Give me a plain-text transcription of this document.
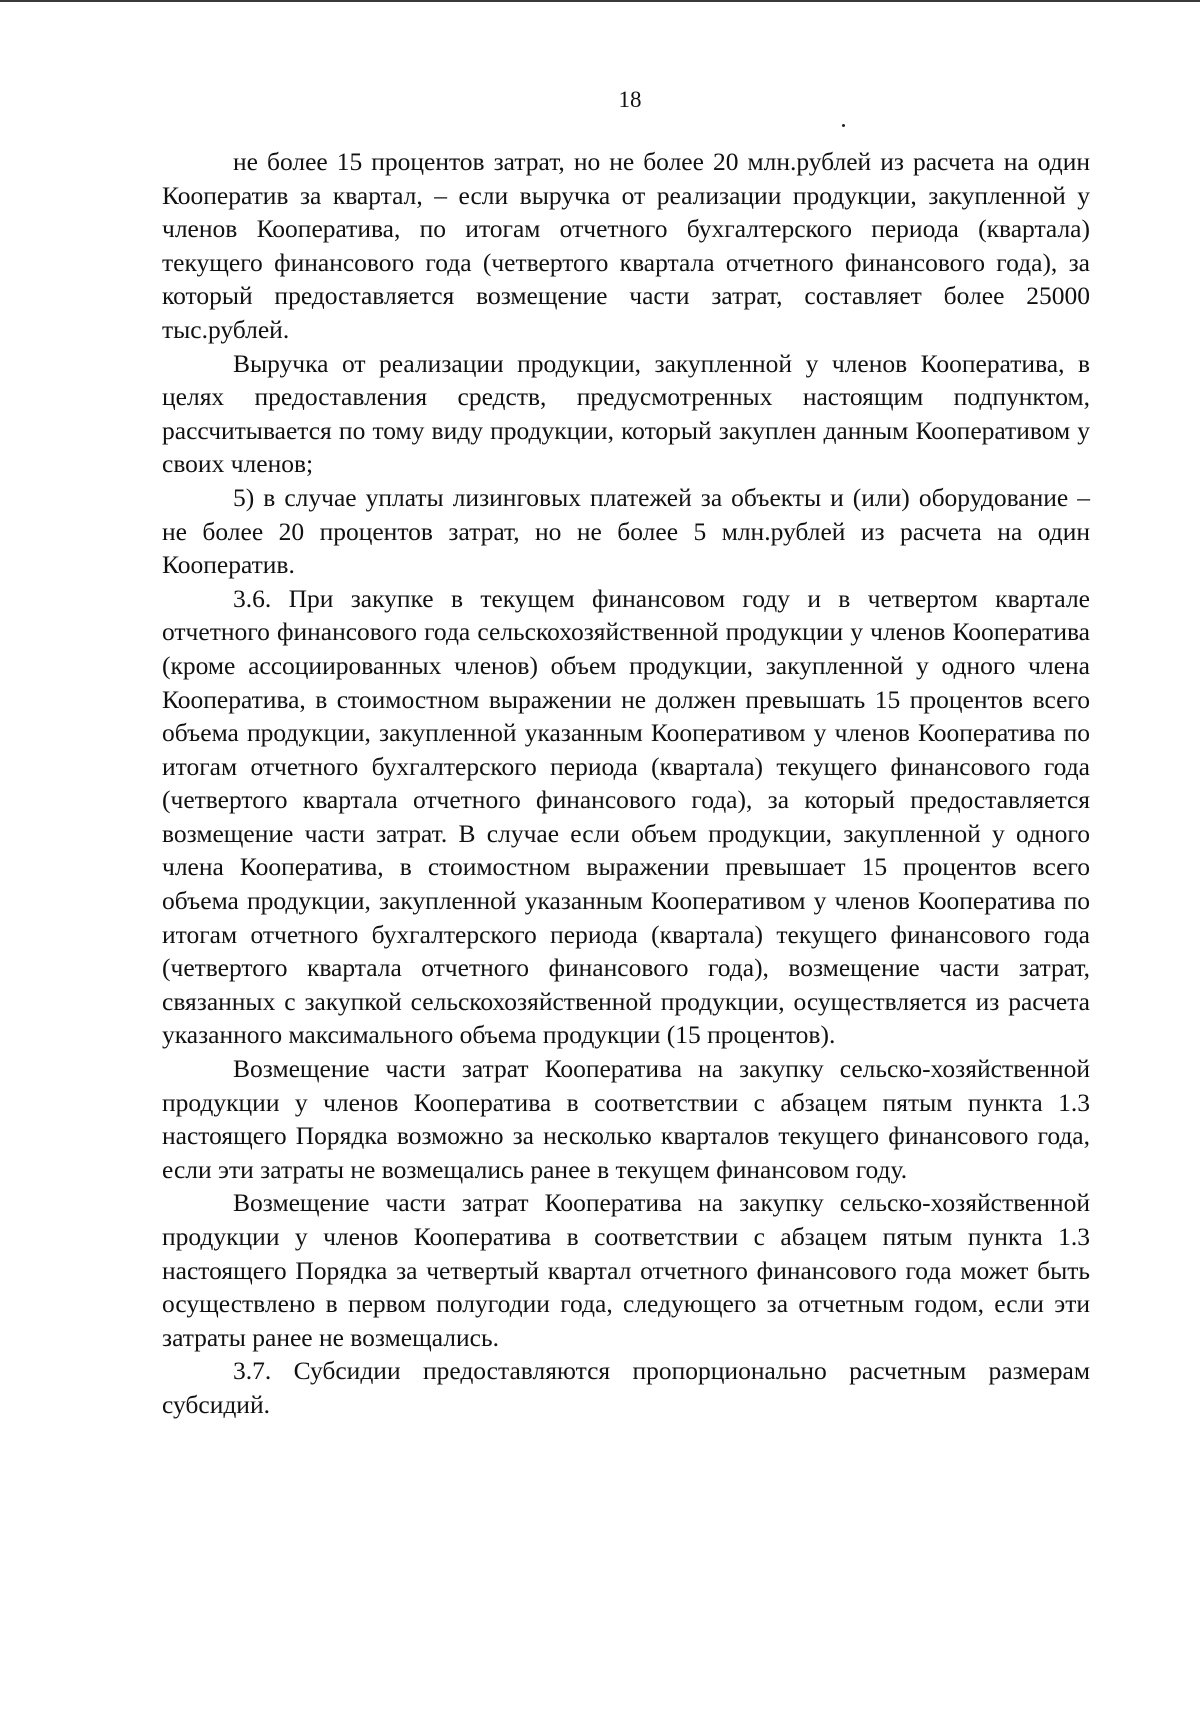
18

не более 15 процентов затрат, но не более 20 млн.рублей из расчета на один Кооператив за квартал, – если выручка от реализации продукции, закупленной у членов Кооператива, по итогам отчетного бухгалтерского периода (квартала) текущего финансового года (четвертого квартала отчетного финансового года), за который предоставляется возмещение части затрат, составляет более 25000 тыс.рублей.

Выручка от реализации продукции, закупленной у членов Кооператива, в целях предоставления средств, предусмотренных настоящим подпунктом, рассчитывается по тому виду продукции, который закуплен данным Кооперативом у своих членов;

5) в случае уплаты лизинговых платежей за объекты и (или) оборудование – не более 20 процентов затрат, но не более 5 млн.рублей из расчета на один Кооператив.

3.6. При закупке в текущем финансовом году и в четвертом квартале отчетного финансового года сельскохозяйственной продукции у членов Кооператива (кроме ассоциированных членов) объем продукции, закупленной у одного члена Кооператива, в стоимостном выражении не должен превышать 15 процентов всего объема продукции, закупленной указанным Кооперативом у членов Кооператива по итогам отчетного бухгалтерского периода (квартала) текущего финансового года (четвертого квартала отчетного финансового года), за который предоставляется возмещение части затрат. В случае если объем продукции, закупленной у одного члена Кооператива, в стоимостном выражении превышает 15 процентов всего объема продукции, закупленной указанным Кооперативом у членов Кооператива по итогам отчетного бухгалтерского периода (квартала) текущего финансового года (четвертого квартала отчетного финансового года), возмещение части затрат, связанных с закупкой сельскохозяйственной продукции, осуществляется из расчета указанного максимального объема продукции (15 процентов).

Возмещение части затрат Кооператива на закупку сельско-хозяйственной продукции у членов Кооператива в соответствии с абзацем пятым пункта 1.3 настоящего Порядка возможно за несколько кварталов текущего финансового года, если эти затраты не возмещались ранее в текущем финансовом году.

Возмещение части затрат Кооператива на закупку сельско-хозяйственной продукции у членов Кооператива в соответствии с абзацем пятым пункта 1.3 настоящего Порядка за четвертый квартал отчетного финансового года может быть осуществлено в первом полугодии года, следующего за отчетным годом, если эти затраты ранее не возмещались.

3.7. Субсидии предоставляются пропорционально расчетным размерам субсидий.
